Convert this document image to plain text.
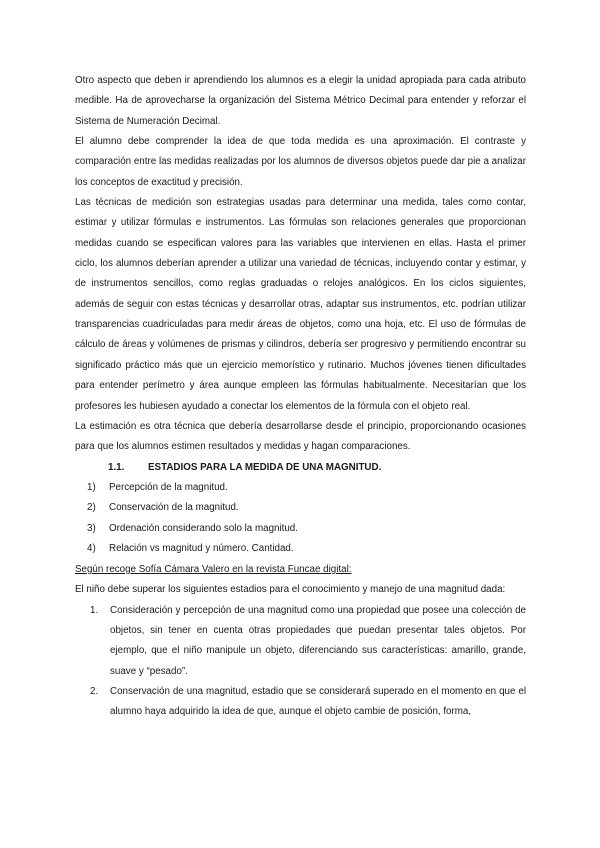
Otro aspecto que deben ir aprendiendo los alumnos es a elegir la unidad apropiada para cada atributo medible. Ha de aprovecharse la organización del Sistema Métrico Decimal para entender y reforzar el Sistema de Numeración Decimal.

El alumno debe comprender la idea de que toda medida es una aproximación. El contraste y comparación entre las medidas realizadas por los alumnos de diversos objetos puede dar pie a analizar los conceptos de exactitud y precisión.

Las técnicas de medición son estrategias usadas para determinar una medida, tales como contar, estimar y utilizar fórmulas e instrumentos. Las fórmulas son relaciones generales que proporcionan medidas cuando se especifican valores para las variables que intervienen en ellas. Hasta el primer ciclo, los alumnos deberían aprender a utilizar una variedad de técnicas, incluyendo contar y estimar, y de instrumentos sencillos, como reglas graduadas o relojes analógicos. En los ciclos siguientes, además de seguir con estas técnicas y desarrollar otras, adaptar sus instrumentos, etc. podrían utilizar transparencias cuadriculadas para medir áreas de objetos, como una hoja, etc. El uso de fórmulas de cálculo de áreas y volúmenes de prismas y cilindros, debería ser progresivo y permitiendo encontrar su significado práctico más que un ejercicio memorístico y rutinario. Muchos jóvenes tienen dificultades para entender perímetro y área aunque empleen las fórmulas habitualmente. Necesitarían que los profesores les hubiesen ayudado a conectar los elementos de la fórmula con el objeto real.

La estimación es otra técnica que debería desarrollarse desde el principio, proporcionando ocasiones para que los alumnos estimen resultados y medidas y hagan comparaciones.

1.1.	ESTADIOS PARA LA MEDIDA DE UNA MAGNITUD.
1)	Percepción de la magnitud.
2)	Conservación de la magnitud.
3)	Ordenación considerando solo la magnitud.
4)	Relación vs magnitud y número. Cantidad.
Según recoge Sofía Cámara Valero en la revista Funcae digital:

El niño debe superar los siguientes estadios para el conocimiento y manejo de una magnitud dada:

1.	Consideración y percepción de una magnitud como una propiedad que posee una colección de objetos, sin tener en cuenta otras propiedades que puedan presentar tales objetos. Por ejemplo, que el niño manipule un objeto, diferenciando sus características: amarillo, grande, suave y “pesado”.
2.	Conservación de una magnitud, estadio que se considerará superado en el momento en que el alumno haya adquirido la idea de que, aunque el objeto cambie de posición, forma,
